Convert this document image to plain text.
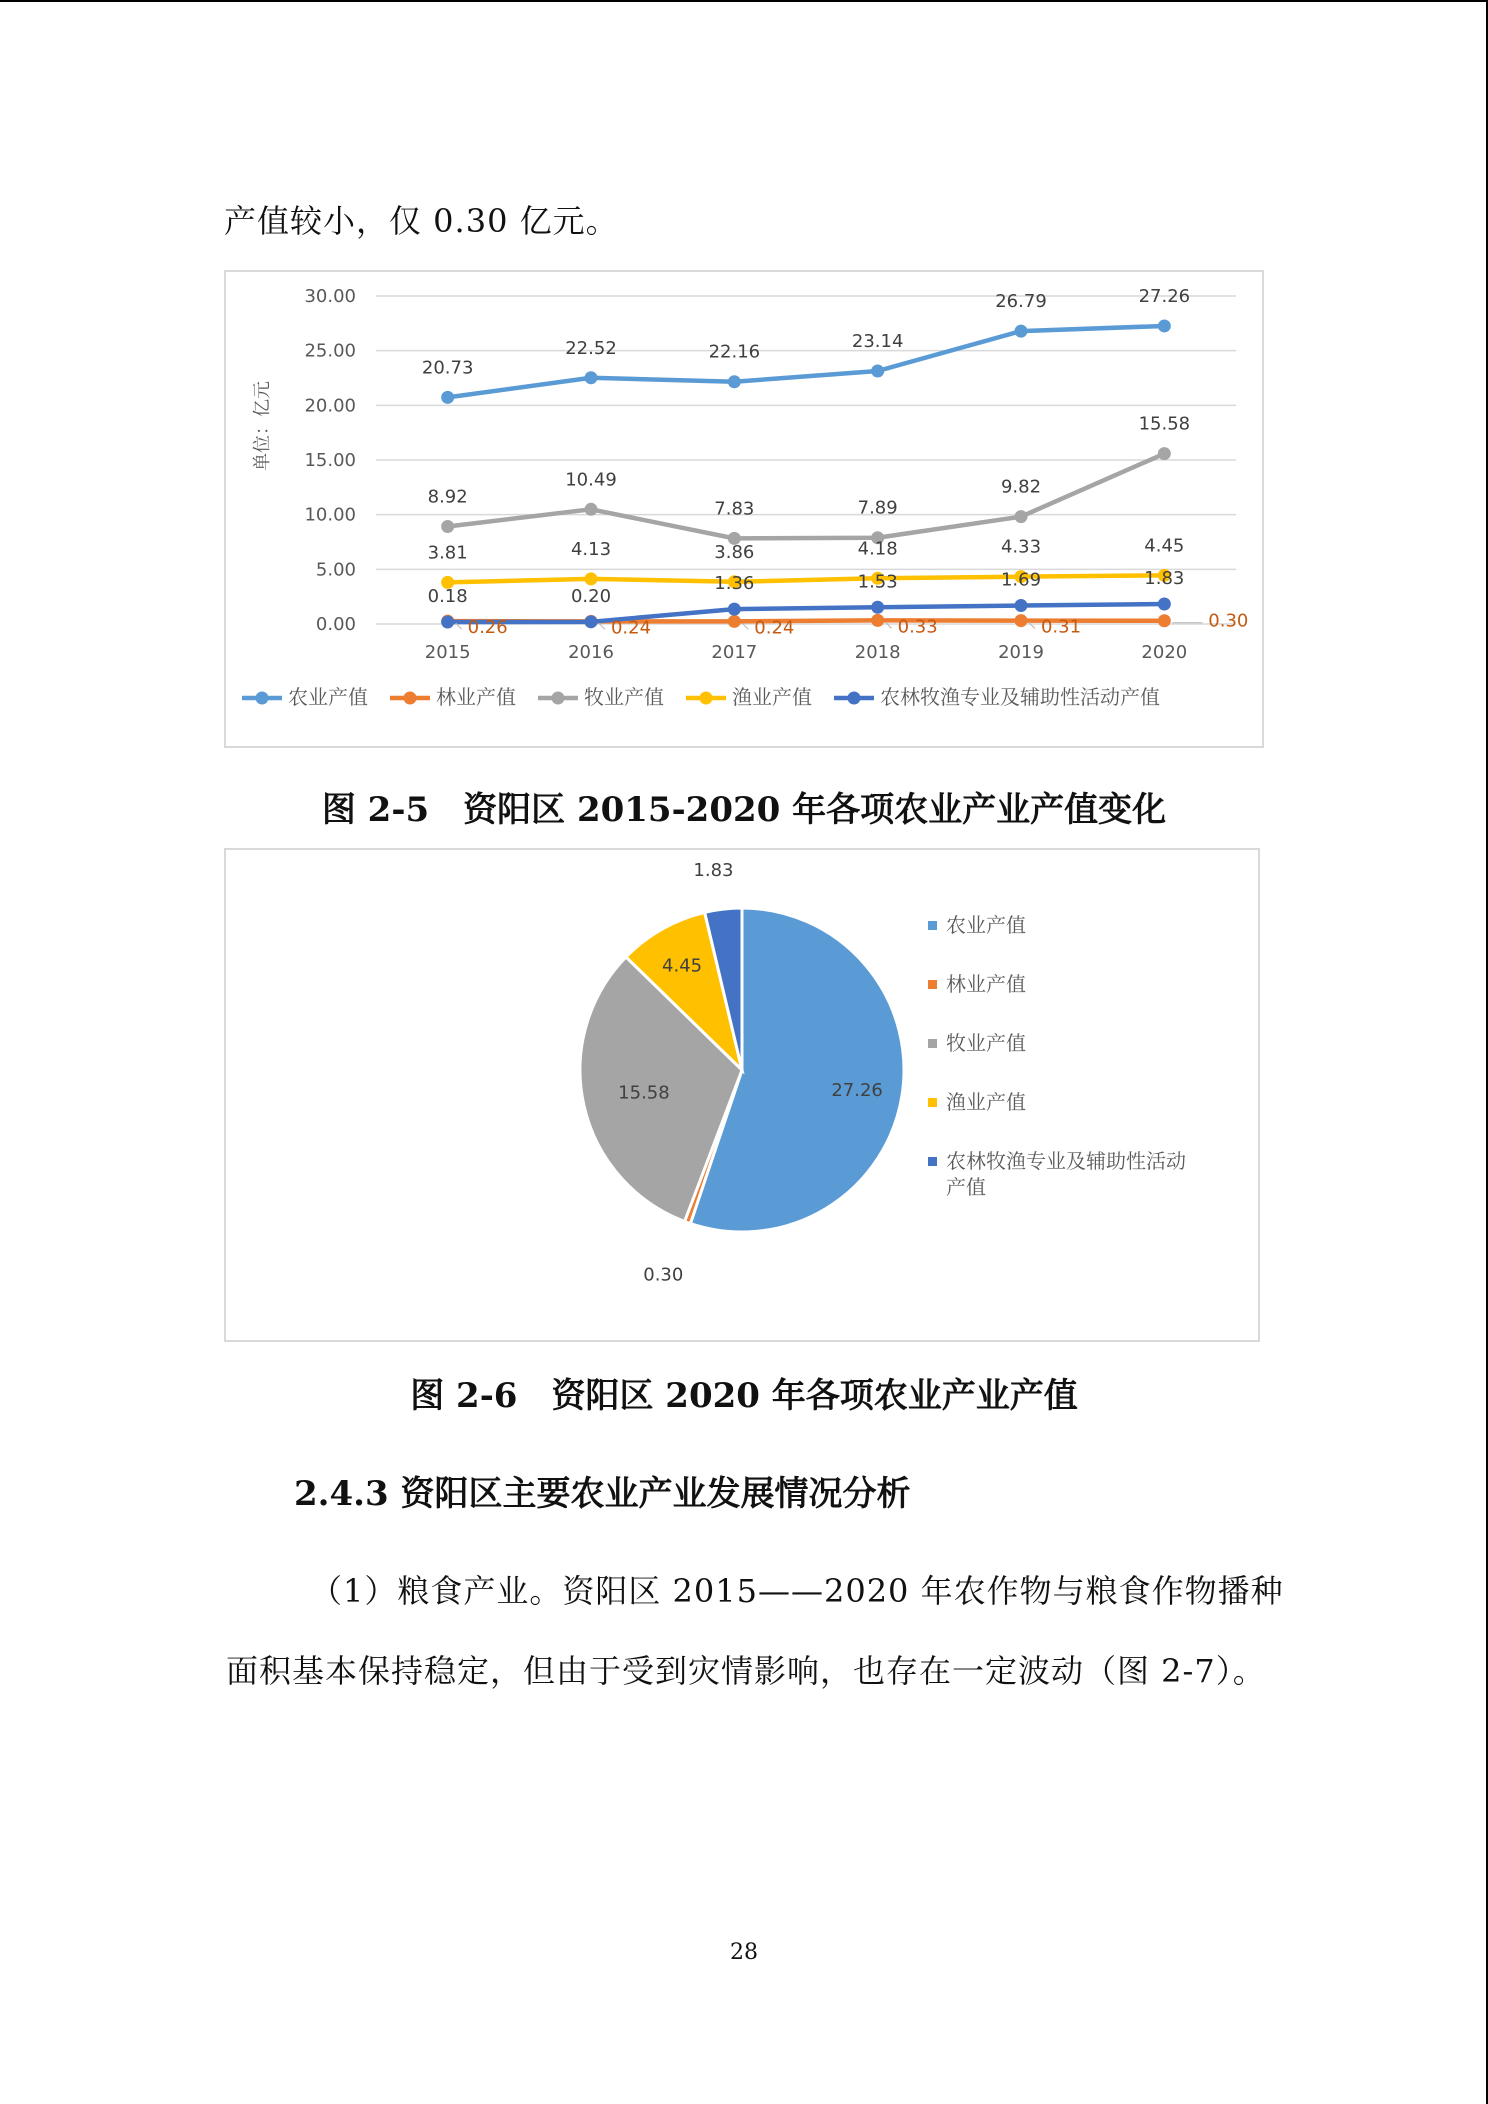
产值较小，仅 0.30 亿元。
30.00
25.00
20.00
15.00
10.00
5.00
0.00
单位：亿元
2015	2016	2017	2018	2019	2020
20.73
22.52	22.16
23.14
26.79	27.26
0.26	0.24	0.24	0.33	0.31	0.30
8.92
10.49
7.83	7.89
9.82
15.58
3.81	4.13	3.86	4.18	4.33	4.45
0.18	0.20
1.36	1.53	1.69	1.83
农业产值	林业产值	牧业产值	渔业产值	农林牧渔专业及辅助性活动产值
图 2-5　资阳区 2015-2020 年各项农业产业产值变化
27.26
0.30
15.58
4.45
1.83
农业产值
林业产值
牧业产值
渔业产值
农林牧渔专业及辅助性活动
产值
图 2-6　资阳区 2020 年各项农业产业产值
2.4.3 资阳区主要农业产业发展情况分析
（1）粮食产业。资阳区 2015——2020 年农作物与粮食作物播种
面积基本保持稳定，但由于受到灾情影响，也存在一定波动（图 2-7）。
28
